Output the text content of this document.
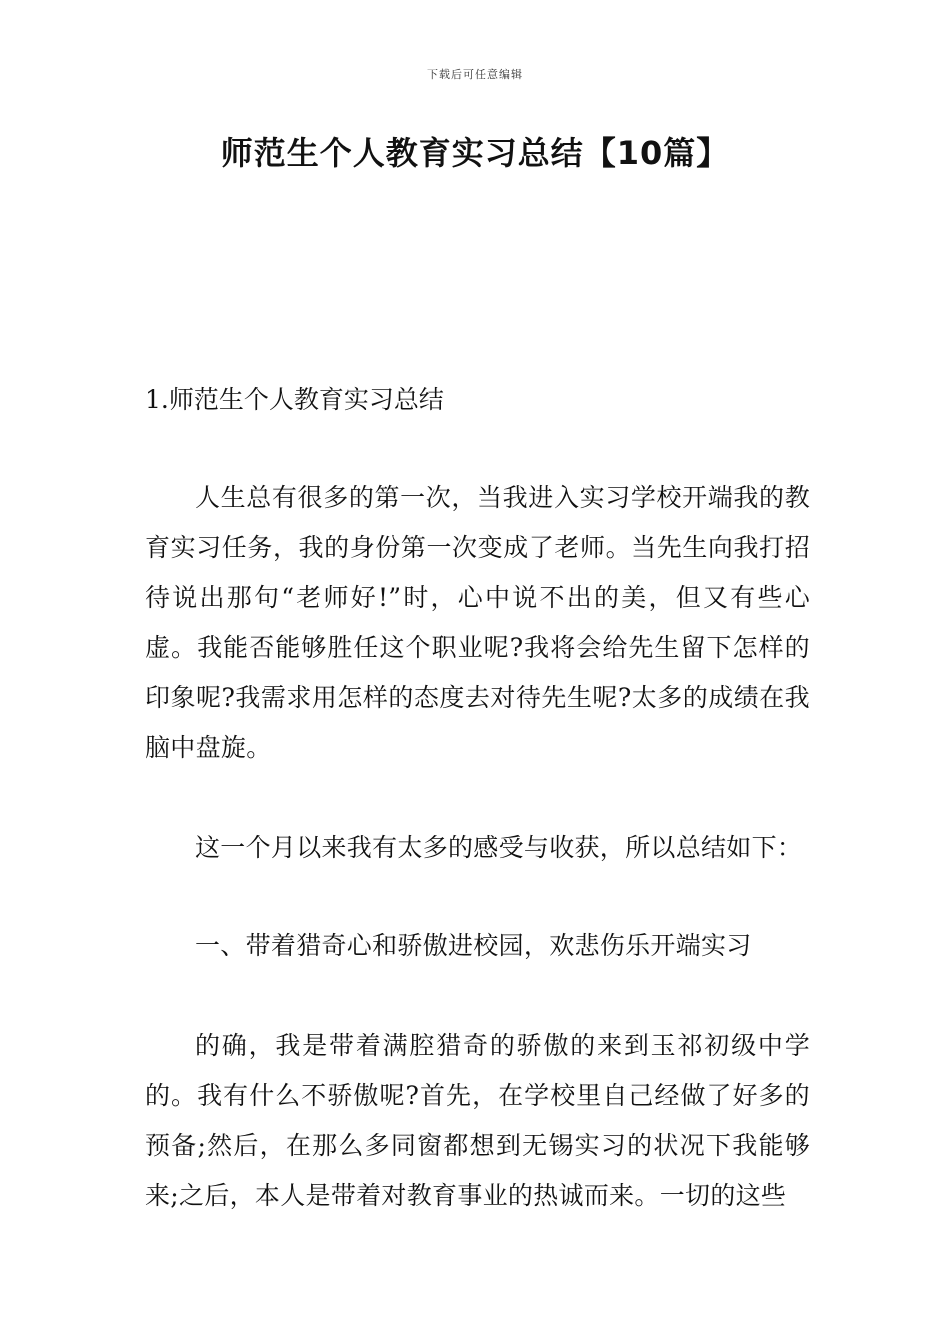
下载后可任意编辑
师范生个人教育实习总结【10篇】
1.师范生个人教育实习总结

人生总有很多的第一次，当我进入实习学校开端我的教育实习任务，我的身份第一次变成了老师。当先生向我打招待说出那句“老师好!”时，心中说不出的美，但又有些心虚。我能否能够胜任这个职业呢?我将会给先生留下怎样的印象呢?我需求用怎样的态度去对待先生呢?太多的成绩在我脑中盘旋。

这一个月以来我有太多的感受与收获，所以总结如下：

一、带着猎奇心和骄傲进校园，欢悲伤乐开端实习

的确，我是带着满腔猎奇的骄傲的来到玉祁初级中学的。我有什么不骄傲呢?首先，在学校里自己经做了好多的预备;然后，在那么多同窗都想到无锡实习的状况下我能够来;之后，本人是带着对教育事业的热诚而来。一切的这些
